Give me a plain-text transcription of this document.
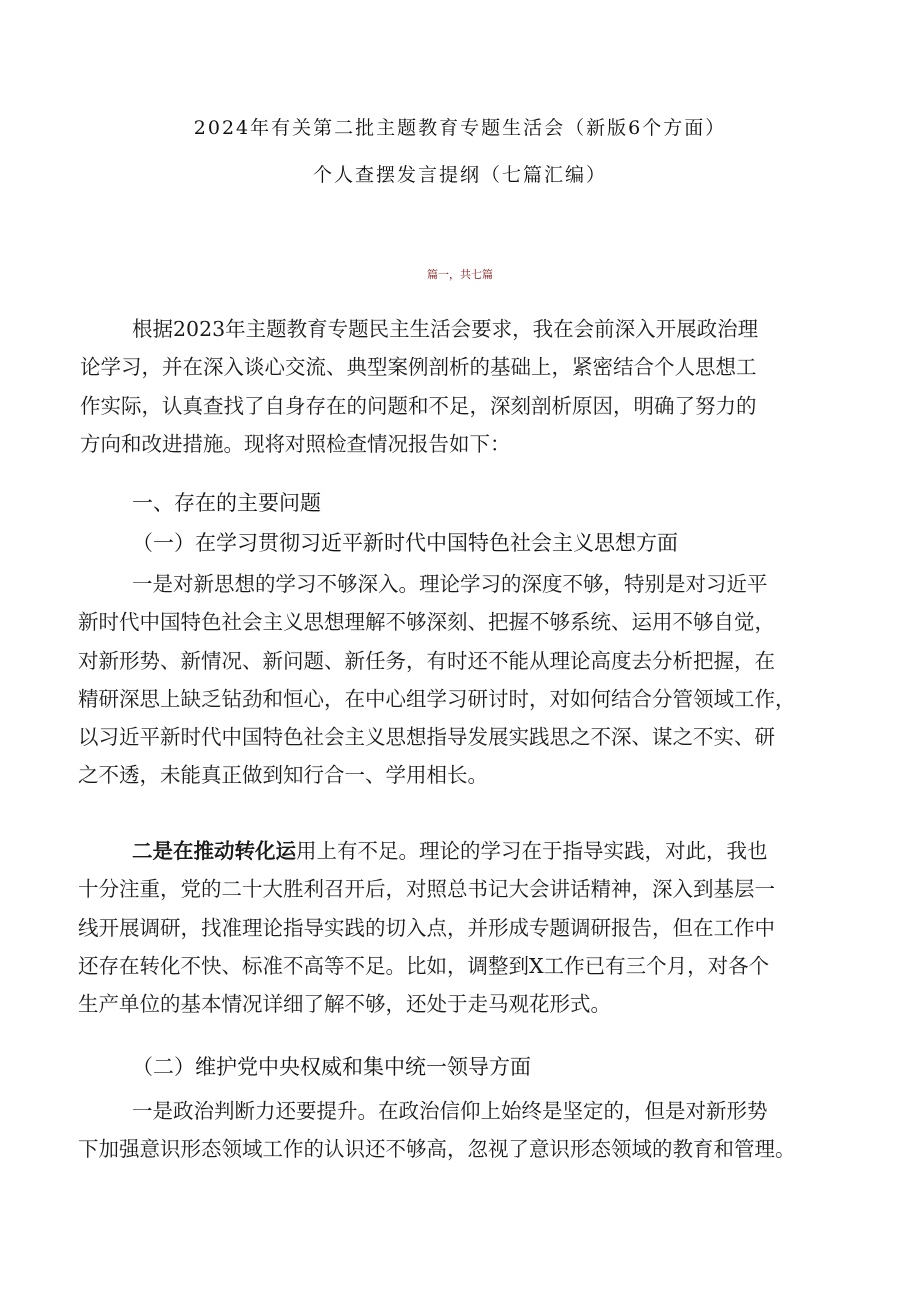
2024年有关第二批主题教育专题生活会（新版6个方面）
个人查摆发言提纲（七篇汇编）
篇一，共七篇
根据2023年主题教育专题民主生活会要求，我在会前深入开展政治理
论学习，并在深入谈心交流、典型案例剖析的基础上，紧密结合个人思想工
作实际，认真查找了自身存在的问题和不足，深刻剖析原因，明确了努力的
方向和改进措施。现将对照检查情况报告如下：
一、存在的主要问题
（一）在学习贯彻习近平新时代中国特色社会主义思想方面
一是对新思想的学习不够深入。理论学习的深度不够，特别是对习近平
新时代中国特色社会主义思想理解不够深刻、把握不够系统、运用不够自觉，
对新形势、新情况、新问题、新任务，有时还不能从理论高度去分析把握，在
精研深思上缺乏钻劲和恒心，在中心组学习研讨时，对如何结合分管领域工作，
以习近平新时代中国特色社会主义思想指导发展实践思之不深、谋之不实、研
之不透，未能真正做到知行合一、学用相长。
二是在推动转化运用上有不足。理论的学习在于指导实践，对此，我也
十分注重，党的二十大胜利召开后，对照总书记大会讲话精神，深入到基层一
线开展调研，找准理论指导实践的切入点，并形成专题调研报告，但在工作中
还存在转化不快、标准不高等不足。比如，调整到X工作已有三个月，对各个
生产单位的基本情况详细了解不够，还处于走马观花形式。
（二）维护党中央权威和集中统一领导方面
一是政治判断力还要提升。在政治信仰上始终是坚定的，但是对新形势
下加强意识形态领域工作的认识还不够高，忽视了意识形态领域的教育和管理。
